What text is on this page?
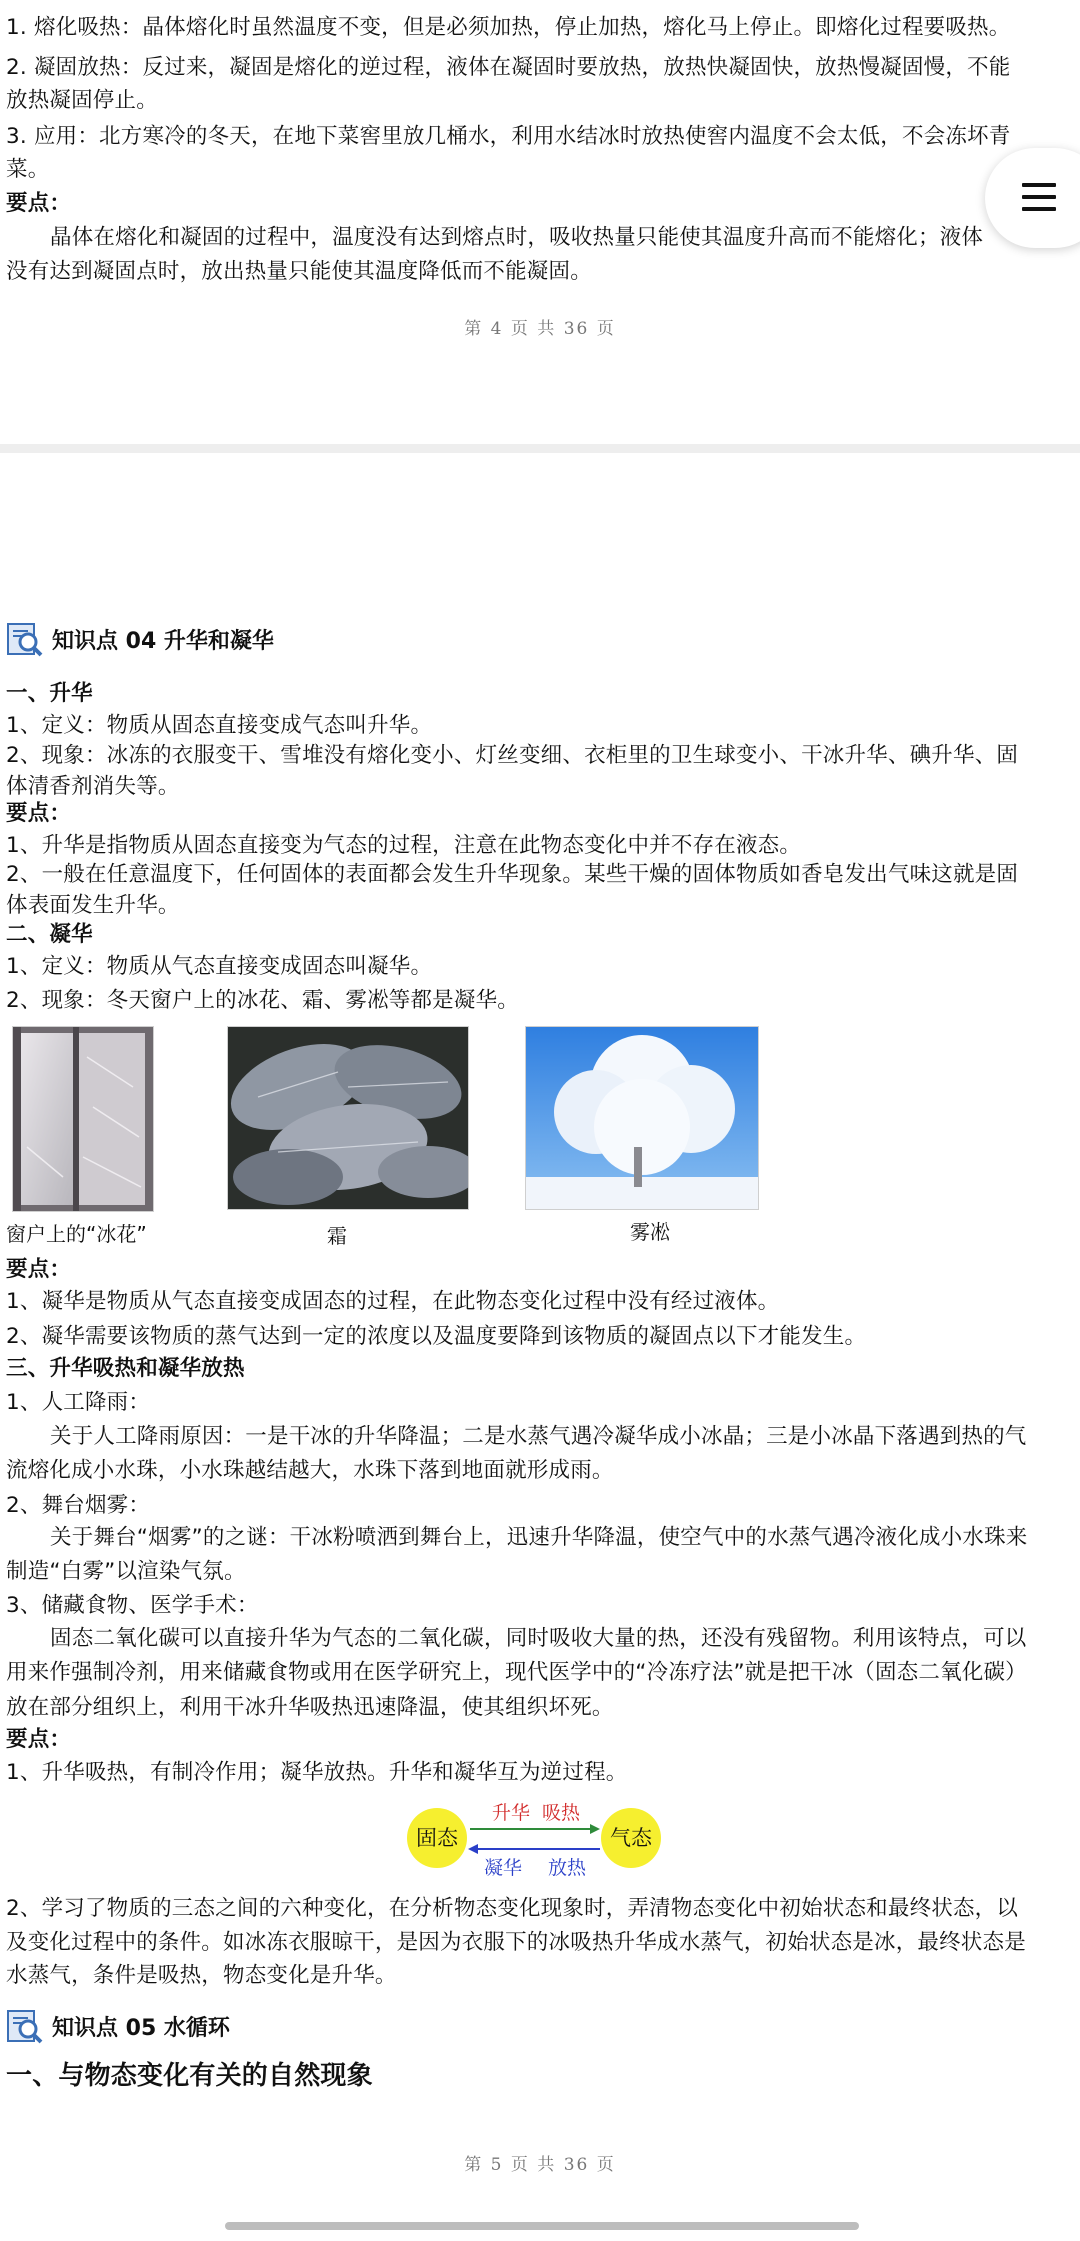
1. 熔化吸热：晶体熔化时虽然温度不变，但是必须加热，停止加热，熔化马上停止。即熔化过程要吸热。
2. 凝固放热：反过来，凝固是熔化的逆过程，液体在凝固时要放热，放热快凝固快，放热慢凝固慢，不能
放热凝固停止。
3. 应用：北方寒冷的冬天，在地下菜窖里放几桶水，利用水结冰时放热使窖内温度不会太低，不会冻坏青
菜。
要点：
晶体在熔化和凝固的过程中，温度没有达到熔点时，吸收热量只能使其温度升高而不能熔化；液体
没有达到凝固点时，放出热量只能使其温度降低而不能凝固。
第 4 页 共 36 页
知识点 04 升华和凝华
一、升华
1、定义：物质从固态直接变成气态叫升华。
2、现象：冰冻的衣服变干、雪堆没有熔化变小、灯丝变细、衣柜里的卫生球变小、干冰升华、碘升华、固
体清香剂消失等。
要点：
1、升华是指物质从固态直接变为气态的过程，注意在此物态变化中并不存在液态。
2、一般在任意温度下，任何固体的表面都会发生升华现象。某些干燥的固体物质如香皂发出气味这就是固
体表面发生升华。
二、凝华
1、定义：物质从气态直接变成固态叫凝华。
2、现象：冬天窗户上的冰花、霜、雾凇等都是凝华。
窗户上的“冰花”	霜	雾凇
要点：
1、凝华是物质从气态直接变成固态的过程，在此物态变化过程中没有经过液体。
2、凝华需要该物质的蒸气达到一定的浓度以及温度要降到该物质的凝固点以下才能发生。
三、升华吸热和凝华放热
1、人工降雨：
关于人工降雨原因：一是干冰的升华降温；二是水蒸气遇冷凝华成小冰晶；三是小冰晶下落遇到热的气
流熔化成小水珠，小水珠越结越大，水珠下落到地面就形成雨。
2、舞台烟雾：
关于舞台“烟雾”的之谜：干冰粉喷洒到舞台上，迅速升华降温，使空气中的水蒸气遇冷液化成小水珠来
制造“白雾”以渲染气氛。
3、储藏食物、医学手术：
固态二氧化碳可以直接升华为气态的二氧化碳，同时吸收大量的热，还没有残留物。利用该特点，可以
用来作强制冷剂，用来储藏食物或用在医学研究上，现代医学中的“冷冻疗法”就是把干冰（固态二氧化碳）
放在部分组织上，利用干冰升华吸热迅速降温，使其组织坏死。
要点：
1、升华吸热，有制冷作用；凝华放热。升华和凝华互为逆过程。
固态	气态
升华 吸热
凝华 放热
2、学习了物质的三态之间的六种变化，在分析物态变化现象时，弄清物态变化中初始状态和最终状态，以
及变化过程中的条件。如冰冻衣服晾干，是因为衣服下的冰吸热升华成水蒸气，初始状态是冰，最终状态是
水蒸气，条件是吸热，物态变化是升华。
知识点 05 水循环
一、与物态变化有关的自然现象
第 5 页 共 36 页
